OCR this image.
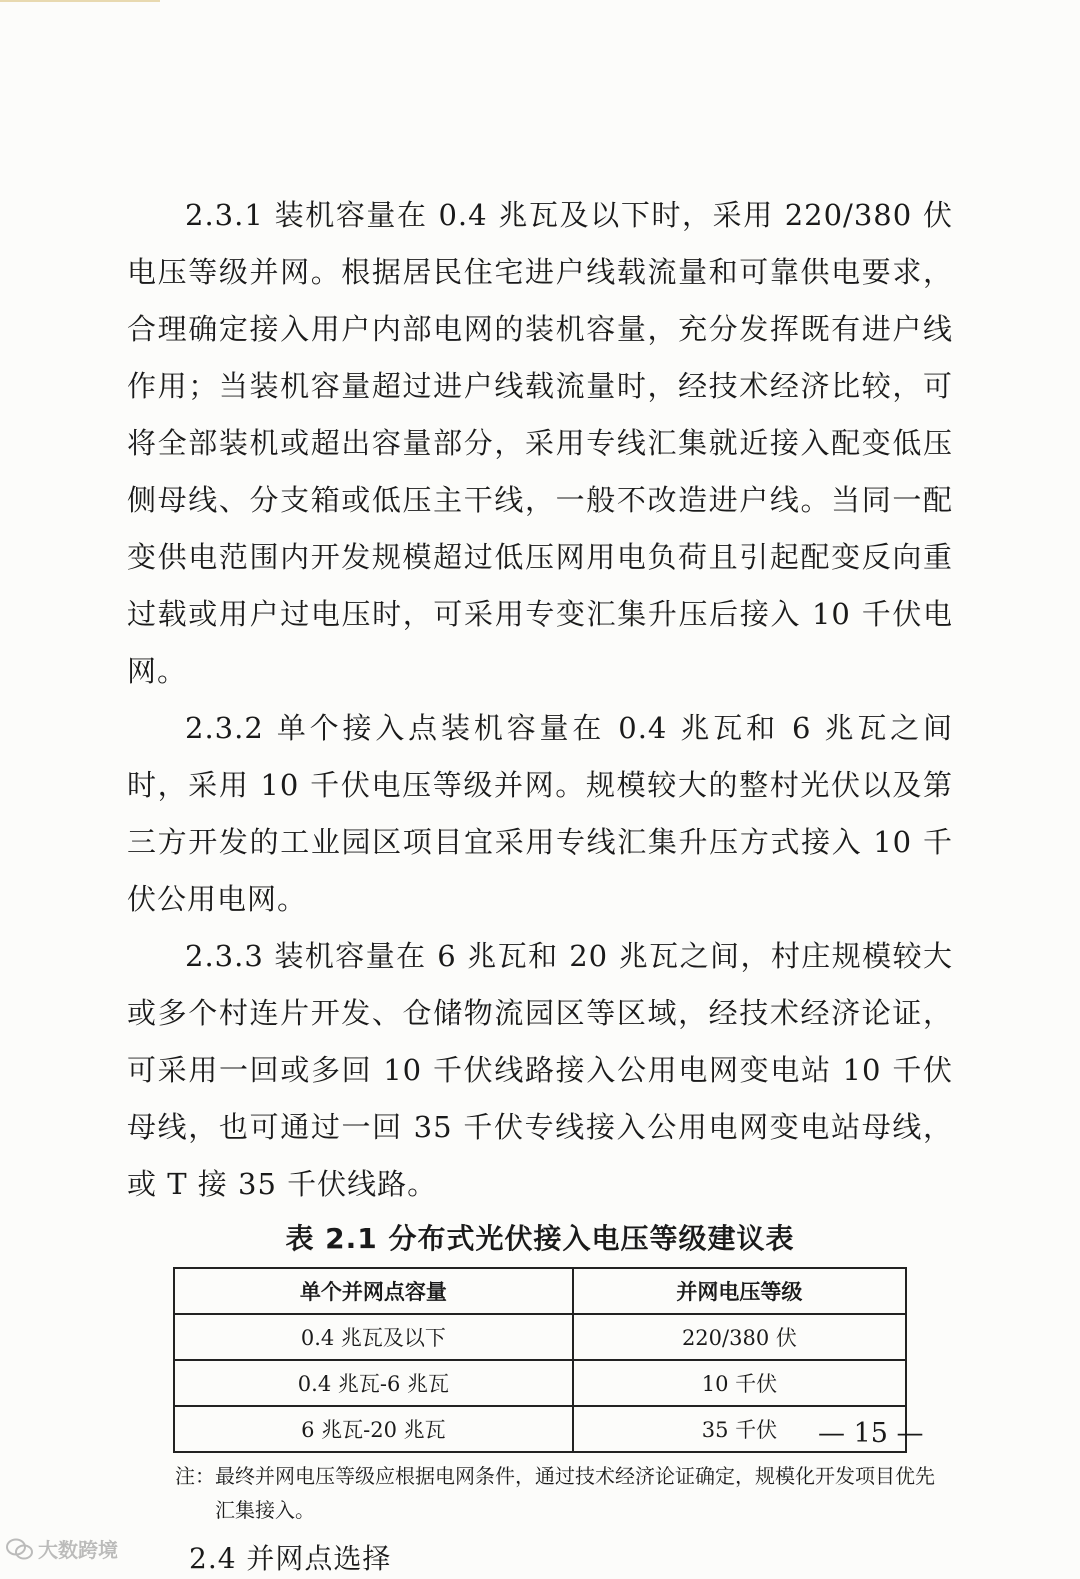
2.3.1 装机容量在 0.4 兆瓦及以下时，采用 220/380 伏电压等级并网。根据居民住宅进户线载流量和可靠供电要求，合理确定接入用户内部电网的装机容量，充分发挥既有进户线作用；当装机容量超过进户线载流量时，经技术经济比较，可将全部装机或超出容量部分，采用专线汇集就近接入配变低压侧母线、分支箱或低压主干线，一般不改造进户线。当同一配变供电范围内开发规模超过低压网用电负荷且引起配变反向重过载或用户过电压时，可采用专变汇集升压后接入 10 千伏电网。

2.3.2 单个接入点装机容量在 0.4 兆瓦和 6 兆瓦之间时，采用 10 千伏电压等级并网。规模较大的整村光伏以及第三方开发的工业园区项目宜采用专线汇集升压方式接入 10 千伏公用电网。

2.3.3 装机容量在 6 兆瓦和 20 兆瓦之间，村庄规模较大或多个村连片开发、仓储物流园区等区域，经技术经济论证，可采用一回或多回 10 千伏线路接入公用电网变电站 10 千伏母线，也可通过一回 35 千伏专线接入公用电网变电站母线，或 T 接 35 千伏线路。

表 2.1 分布式光伏接入电压等级建议表
单个并网点容量	并网电压等级
0.4 兆瓦及以下	220/380 伏
0.4 兆瓦-6 兆瓦	10 千伏
6 兆瓦-20 兆瓦	35 千伏
注： 最终并网电压等级应根据电网条件，通过技术经济论证确定，规模化开发项目优先汇集接入。
2.4 并网点选择
— 15 —
大数跨境
